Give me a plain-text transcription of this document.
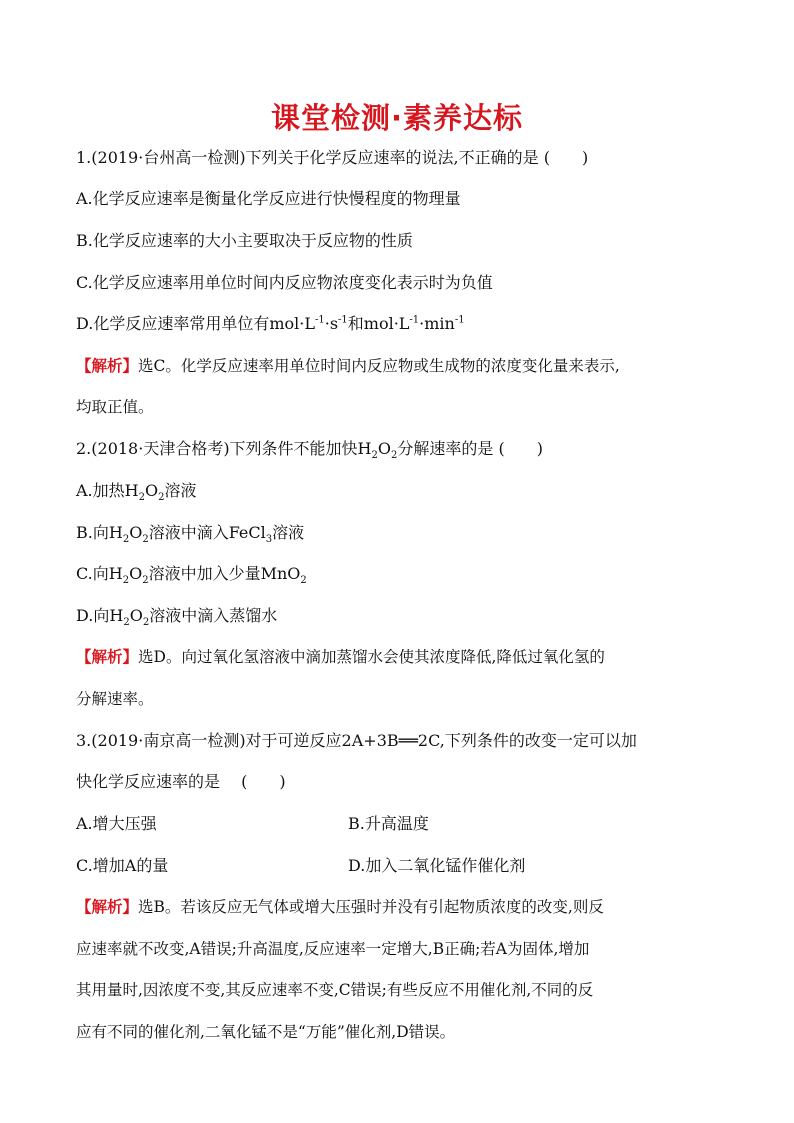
课堂检测·素养达标
1.(2019·台州高一检测)下列关于化学反应速率的说法,不正确的是 (　　)
A.化学反应速率是衡量化学反应进行快慢程度的物理量
B.化学反应速率的大小主要取决于反应物的性质
C.化学反应速率用单位时间内反应物浓度变化表示时为负值
D.化学反应速率常用单位有$mol\cdot L^{-1}\cdot s^{-1}$和$mol\cdot L^{-1}\cdot\min^{-1}$
【解析】选C。化学反应速率用单位时间内反应物或生成物的浓度变化量来表示,
均取正值。
2.(2018·天津合格考)下列条件不能加快$H_2O_2$分解速率的是 (　　)
A.加热$H_2O_2$溶液
B.向$H_2O_2$溶液中滴入FeCl$_3$溶液
C.向$H_2O_2$溶液中加入少量MnO$_2$
D.向$H_2O_2$溶液中滴入蒸馏水
【解析】选D。向过氧化氢溶液中滴加蒸馏水会使其浓度降低,降低过氧化氢的
分解速率。
3.(2019·南京高一检测)对于可逆反应2A+3B══2C,下列条件的改变一定可以加
快化学反应速率的是 　(　　)
A.增大压强	B.升高温度
C.增加A的量	D.加入二氧化锰作催化剂
【解析】选B。若该反应无气体或增大压强时并没有引起物质浓度的改变,则反
应速率就不改变,A错误;升高温度,反应速率一定增大,B正确;若A为固体,增加
其用量时,因浓度不变,其反应速率不变,C错误;有些反应不用催化剂,不同的反
应有不同的催化剂,二氧化锰不是“万能”催化剂,D错误。
